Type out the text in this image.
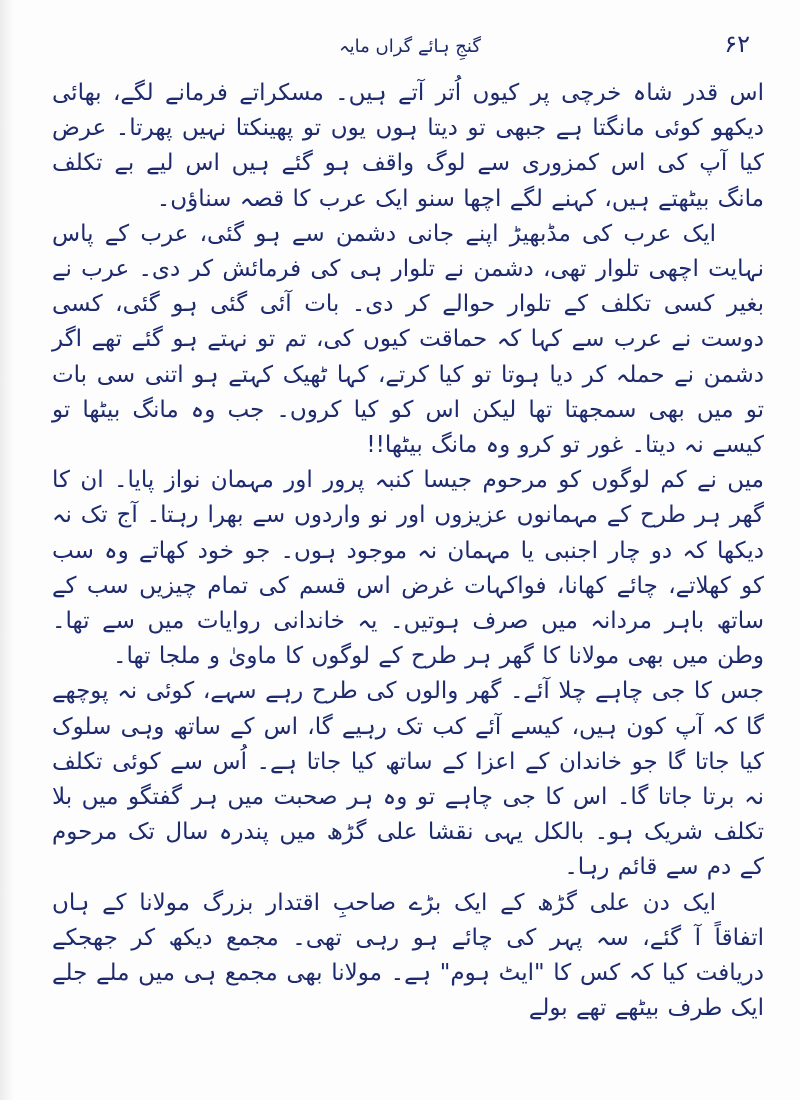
گنجِ ہائے گراں مایہ	۶۲

اس قدر شاہ خرچی پر کیوں اُتر آتے ہیں۔ مسکراتے فرمانے لگے، بھائی دیکھو کوئی مانگتا ہے جبھی تو دیتا ہوں یوں تو پھینکتا نہیں پھرتا۔ عرض کیا آپ کی اس کمزوری سے لوگ واقف ہو گئے ہیں اس لیے بے تکلف مانگ بیٹھتے ہیں، کہنے لگے اچھا سنو ایک عرب کا قصہ سناؤں۔

ایک عرب کی مڈبھیڑ اپنے جانی دشمن سے ہو گئی، عرب کے پاس نہایت اچھی تلوار تھی، دشمن نے تلوار ہی کی فرمائش کر دی۔ عرب نے بغیر کسی تکلف کے تلوار حوالے کر دی۔ بات آئی گئی ہو گئی، کسی دوست نے عرب سے کہا کہ حماقت کیوں کی، تم تو نہتے ہو گئے تھے اگر دشمن نے حملہ کر دیا ہوتا تو کیا کرتے، کہا ٹھیک کہتے ہو اتنی سی بات تو میں بھی سمجھتا تھا لیکن اس کو کیا کروں۔ جب وہ مانگ بیٹھا تو کیسے نہ دیتا۔ غور تو کرو وہ مانگ بیٹھا!!

میں نے کم لوگوں کو مرحوم جیسا کنبہ پرور اور مہمان نواز پایا۔ ان کا گھر ہر طرح کے مہمانوں عزیزوں اور نو واردوں سے بھرا رہتا۔ آج تک نہ دیکھا کہ دو چار اجنبی یا مہمان نہ موجود ہوں۔ جو خود کھاتے وہ سب کو کھلاتے، چائے کھانا، فواکہات غرض اس قسم کی تمام چیزیں سب کے ساتھ باہر مردانہ میں صرف ہوتیں۔ یہ خاندانی روایات میں سے تھا۔ وطن میں بھی مولانا کا گھر ہر طرح کے لوگوں کا ماویٰ و ملجا تھا۔

جس کا جی چاہے چلا آئے۔ گھر والوں کی طرح رہے سہے، کوئی نہ پوچھے گا کہ آپ کون ہیں، کیسے آئے کب تک رہیے گا، اس کے ساتھ وہی سلوک کیا جاتا گا جو خاندان کے اعزا کے ساتھ کیا جاتا ہے۔ اُس سے کوئی تکلف نہ برتا جاتا گا۔ اس کا جی چاہے تو وہ ہر صحبت میں ہر گفتگو میں بلا تکلف شریک ہو۔ بالکل یہی نقشا علی گڑھ میں پندرہ سال تک مرحوم کے دم سے قائم رہا۔

ایک دن علی گڑھ کے ایک بڑے صاحبِ اقتدار بزرگ مولانا کے ہاں اتفاقاً آ گئے، سہ پہر کی چائے ہو رہی تھی۔ مجمع دیکھ کر جھجکے دریافت کیا کہ کس کا "ایٹ ہوم" ہے۔ مولانا بھی مجمع ہی میں ملے جلے ایک طرف بیٹھے تھے بولے
